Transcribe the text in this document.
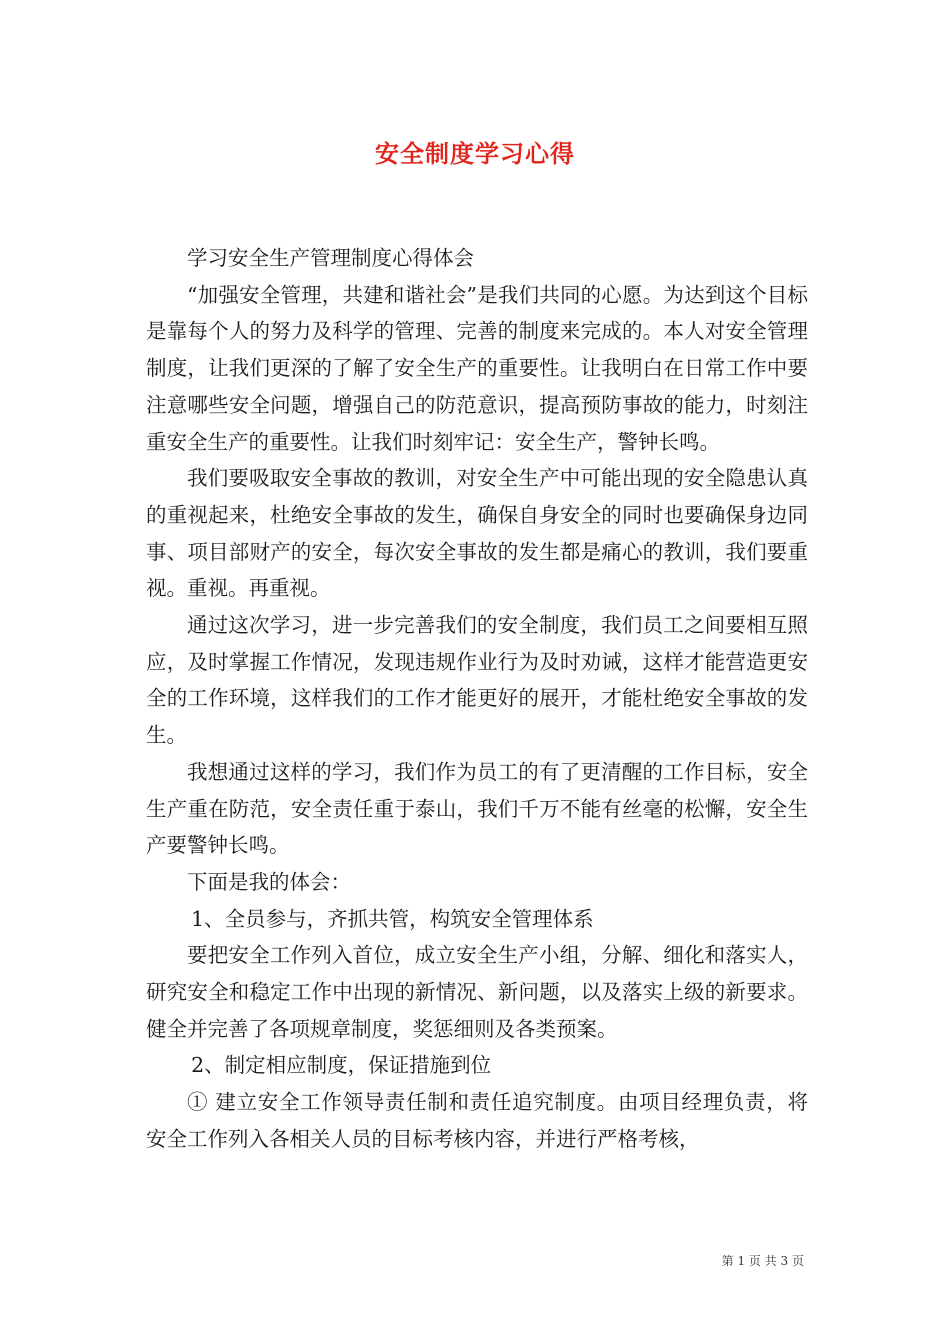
安全制度学习心得

学习安全生产管理制度心得体会

“加强安全管理，共建和谐社会”是我们共同的心愿。为达到这个目标是靠每个人的努力及科学的管理、完善的制度来完成的。本人对安全管理制度，让我们更深的了解了安全生产的重要性。让我明白在日常工作中要注意哪些安全问题，增强自己的防范意识，提高预防事故的能力，时刻注重安全生产的重要性。让我们时刻牢记：安全生产，警钟长鸣。

我们要吸取安全事故的教训，对安全生产中可能出现的安全隐患认真的重视起来，杜绝安全事故的发生，确保自身安全的同时也要确保身边同事、项目部财产的安全，每次安全事故的发生都是痛心的教训，我们要重视。重视。再重视。

通过这次学习，进一步完善我们的安全制度，我们员工之间要相互照应，及时掌握工作情况，发现违规作业行为及时劝诫，这样才能营造更安全的工作环境，这样我们的工作才能更好的展开，才能杜绝安全事故的发生。

我想通过这样的学习，我们作为员工的有了更清醒的工作目标，安全生产重在防范，安全责任重于泰山，我们千万不能有丝毫的松懈，安全生产要警钟长鸣。

下面是我的体会：

1、全员参与，齐抓共管，构筑安全管理体系

要把安全工作列入首位，成立安全生产小组，分解、细化和落实人，研究安全和稳定工作中出现的新情况、新问题，以及落实上级的新要求。健全并完善了各项规章制度，奖惩细则及各类预案。

2、制定相应制度，保证措施到位

① 建立安全工作领导责任制和责任追究制度。由项目经理负责，将安全工作列入各相关人员的目标考核内容，并进行严格考核，

第 1 页 共 3 页
